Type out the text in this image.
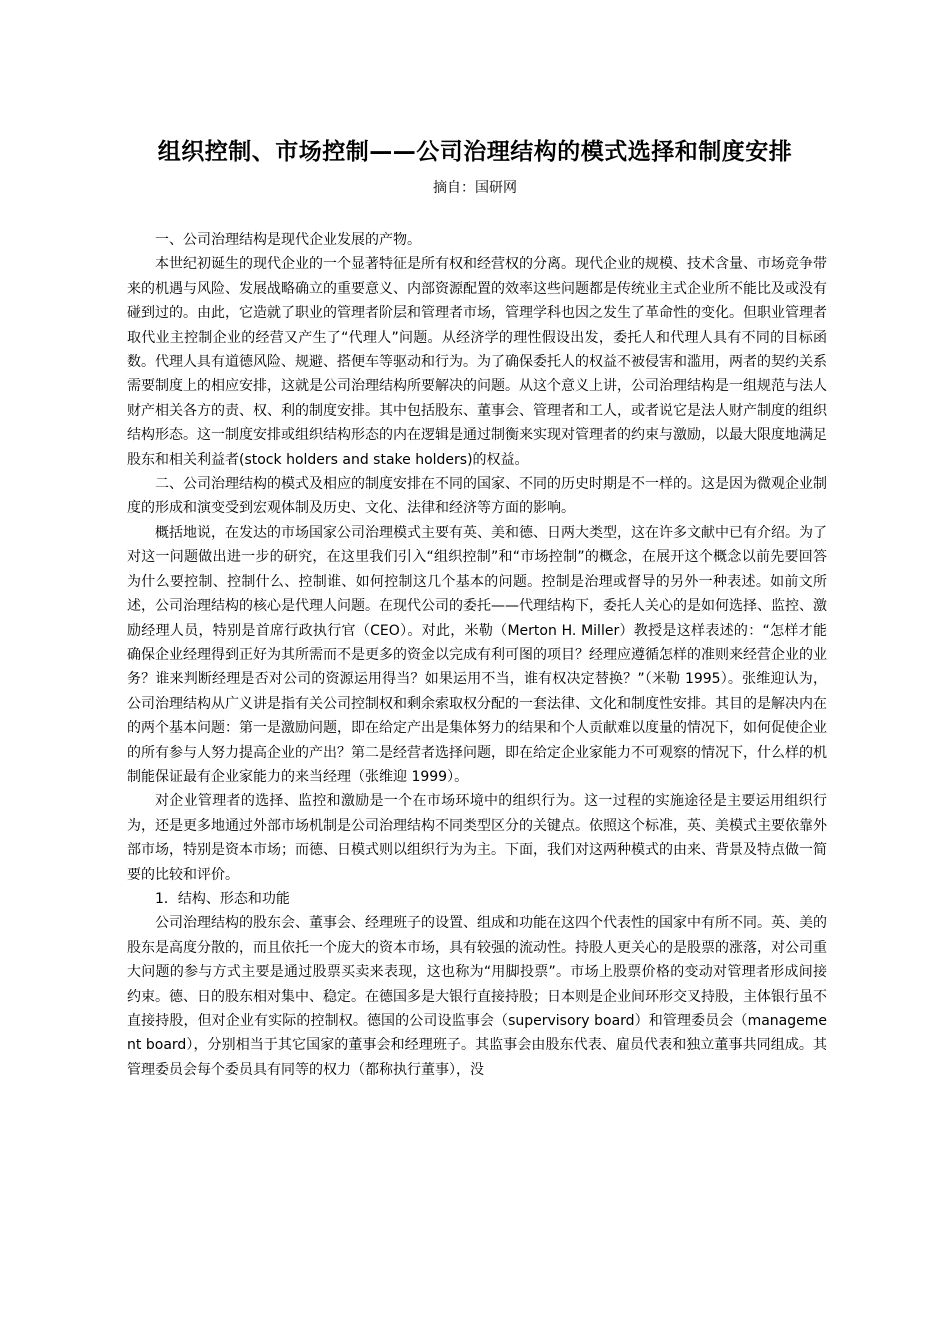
组织控制、市场控制——公司治理结构的模式选择和制度安排
摘自：国研网

一、公司治理结构是现代企业发展的产物。

本世纪初诞生的现代企业的一个显著特征是所有权和经营权的分离。现代企业的规模、技术含量、市场竞争带来的机遇与风险、发展战略确立的重要意义、内部资源配置的效率这些问题都是传统业主式企业所不能比及或没有碰到过的。由此，它造就了职业的管理者阶层和管理者市场，管理学科也因之发生了革命性的变化。但职业管理者取代业主控制企业的经营又产生了“代理人”问题。从经济学的理性假设出发，委托人和代理人具有不同的目标函数。代理人具有道德风险、规避、搭便车等驱动和行为。为了确保委托人的权益不被侵害和滥用，两者的契约关系需要制度上的相应安排，这就是公司治理结构所要解决的问题。从这个意义上讲，公司治理结构是一组规范与法人财产相关各方的责、权、利的制度安排。其中包括股东、董事会、管理者和工人，或者说它是法人财产制度的组织结构形态。这一制度安排或组织结构形态的内在逻辑是通过制衡来实现对管理者的约束与激励，以最大限度地满足股东和相关利益者(stock holders and stake holders)的权益。

二、公司治理结构的模式及相应的制度安排在不同的国家、不同的历史时期是不一样的。这是因为微观企业制度的形成和演变受到宏观体制及历史、文化、法律和经济等方面的影响。

概括地说，在发达的市场国家公司治理模式主要有英、美和德、日两大类型，这在许多文献中已有介绍。为了对这一问题做出进一步的研究，在这里我们引入“组织控制”和“市场控制”的概念，在展开这个概念以前先要回答为什么要控制、控制什么、控制谁、如何控制这几个基本的问题。控制是治理或督导的另外一种表述。如前文所述，公司治理结构的核心是代理人问题。在现代公司的委托——代理结构下，委托人关心的是如何选择、监控、激励经理人员，特别是首席行政执行官（CEO）。对此，米勒（Merton H. Miller）教授是这样表述的：“怎样才能确保企业经理得到正好为其所需而不是更多的资金以完成有利可图的项目？经理应遵循怎样的准则来经营企业的业务？谁来判断经理是否对公司的资源运用得当？如果运用不当，谁有权决定替换？”（米勒 1995）。张维迎认为，公司治理结构从广义讲是指有关公司控制权和剩余索取权分配的一套法律、文化和制度性安排。其目的是解决内在的两个基本问题：第一是激励问题，即在给定产出是集体努力的结果和个人贡献难以度量的情况下，如何促使企业的所有参与人努力提高企业的产出？第二是经营者选择问题，即在给定企业家能力不可观察的情况下，什么样的机制能保证最有企业家能力的来当经理（张维迎 1999）。

对企业管理者的选择、监控和激励是一个在市场环境中的组织行为。这一过程的实施途径是主要运用组织行为，还是更多地通过外部市场机制是公司治理结构不同类型区分的关键点。依照这个标准，英、美模式主要依靠外部市场，特别是资本市场；而德、日模式则以组织行为为主。下面，我们对这两种模式的由来、背景及特点做一简要的比较和评价。

1．结构、形态和功能

公司治理结构的股东会、董事会、经理班子的设置、组成和功能在这四个代表性的国家中有所不同。英、美的股东是高度分散的，而且依托一个庞大的资本市场，具有较强的流动性。持股人更关心的是股票的涨落，对公司重大问题的参与方式主要是通过股票买卖来表现，这也称为“用脚投票”。市场上股票价格的变动对管理者形成间接约束。德、日的股东相对集中、稳定。在德国多是大银行直接持股；日本则是企业间环形交叉持股，主体银行虽不直接持股，但对企业有实际的控制权。德国的公司设监事会（supervisory board）和管理委员会（management board），分别相当于其它国家的董事会和经理班子。其监事会由股东代表、雇员代表和独立董事共同组成。其管理委员会每个委员具有同等的权力（都称执行董事），没
